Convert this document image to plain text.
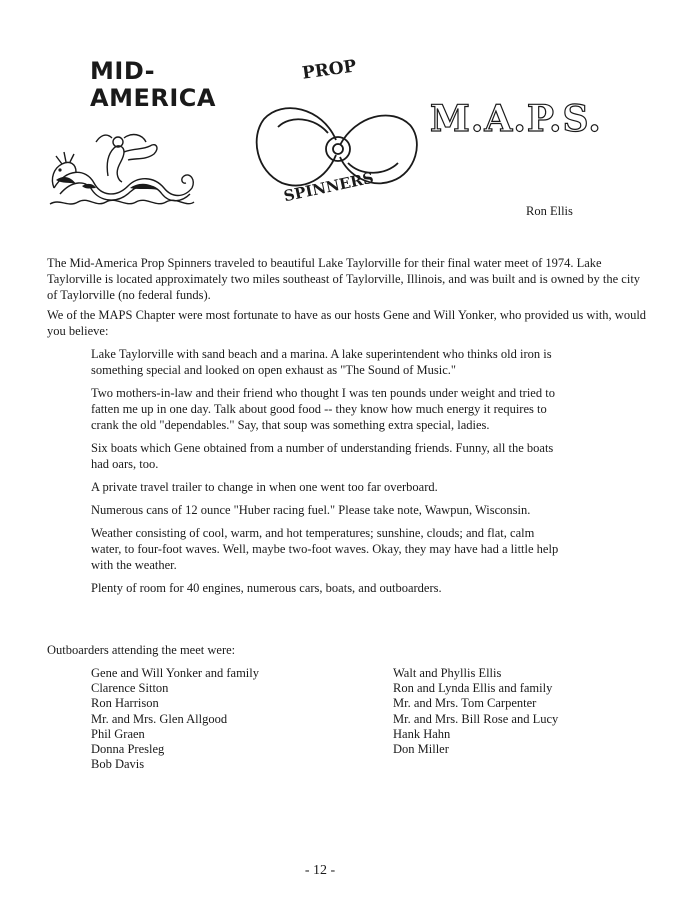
MID-
AMERICA
PROP
SPINNERS
M.A.P.S.
Ron Ellis

The Mid-America Prop Spinners traveled to beautiful Lake Taylorville for their final water meet of 1974. Lake Taylorville is located approximately two miles southeast of Taylorville, Illinois, and was built and is owned by the city of Taylorville (no federal funds).

We of the MAPS Chapter were most fortunate to have as our hosts Gene and Will Yonker, who provided us with, would you believe:

Lake Taylorville with sand beach and a marina. A lake superintendent who thinks old iron is something special and looked on open exhaust as "The Sound of Music."

Two mothers-in-law and their friend who thought I was ten pounds under weight and tried to fatten me up in one day. Talk about good food -- they know how much energy it requires to crank the old "dependables." Say, that soup was something extra special, ladies.

Six boats which Gene obtained from a number of understanding friends. Funny, all the boats had oars, too.

A private travel trailer to change in when one went too far overboard.

Numerous cans of 12 ounce "Huber racing fuel." Please take note, Wawpun, Wisconsin.

Weather consisting of cool, warm, and hot temperatures; sunshine, clouds; and flat, calm water, to four-foot waves. Well, maybe two-foot waves. Okay, they may have had a little help with the weather.

Plenty of room for 40 engines, numerous cars, boats, and outboarders.

Outboarders attending the meet were:
Gene and Will Yonker and family
Clarence Sitton
Ron Harrison
Mr. and Mrs. Glen Allgood
Phil Graen
Donna Presleg
Bob Davis
Walt and Phyllis Ellis
Ron and Lynda Ellis and family
Mr. and Mrs. Tom Carpenter
Mr. and Mrs. Bill Rose and Lucy
Hank Hahn
Don Miller
- 12 -
